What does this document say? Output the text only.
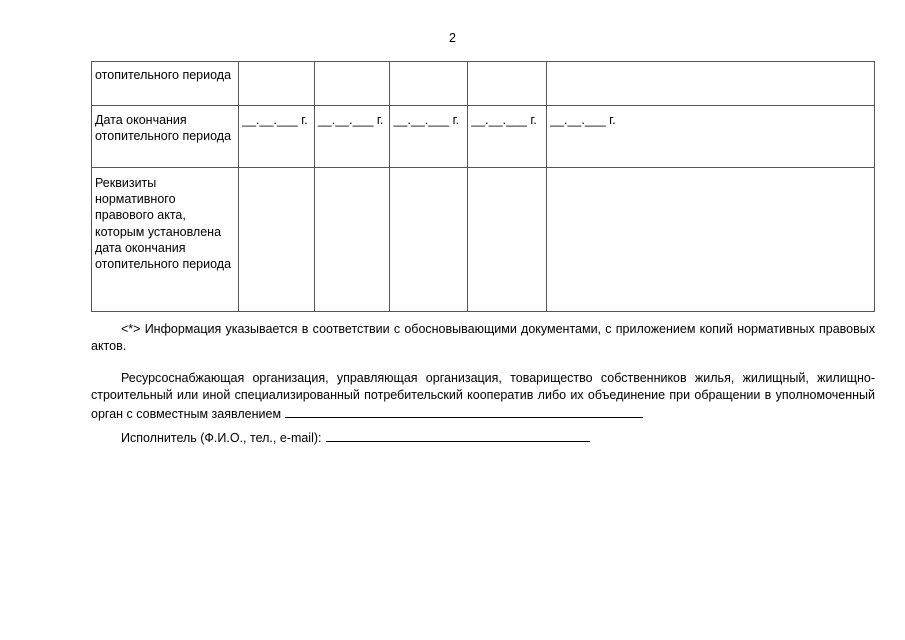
2
отопительного периода					
Дата окончания отопительного периода	__.__.___ г.	__.__.___ г.	__.__.___ г.	__.__.___ г.	__.__.___ г.
Реквизиты нормативного правового акта, которым установлена дата окончания отопительного периода					
<*> Информация указывается в соответствии с обосновывающими документами, с приложением копий нормативных правовых актов.
Ресурсоснабжающая организация, управляющая организация, товарищество собственников жилья, жилищный, жилищно-строительный или иной специализированный потребительский кооператив либо их объединение при обращении в уполномоченный орган с совместным заявлением
Исполнитель (Ф.И.О., тел., e-mail):
